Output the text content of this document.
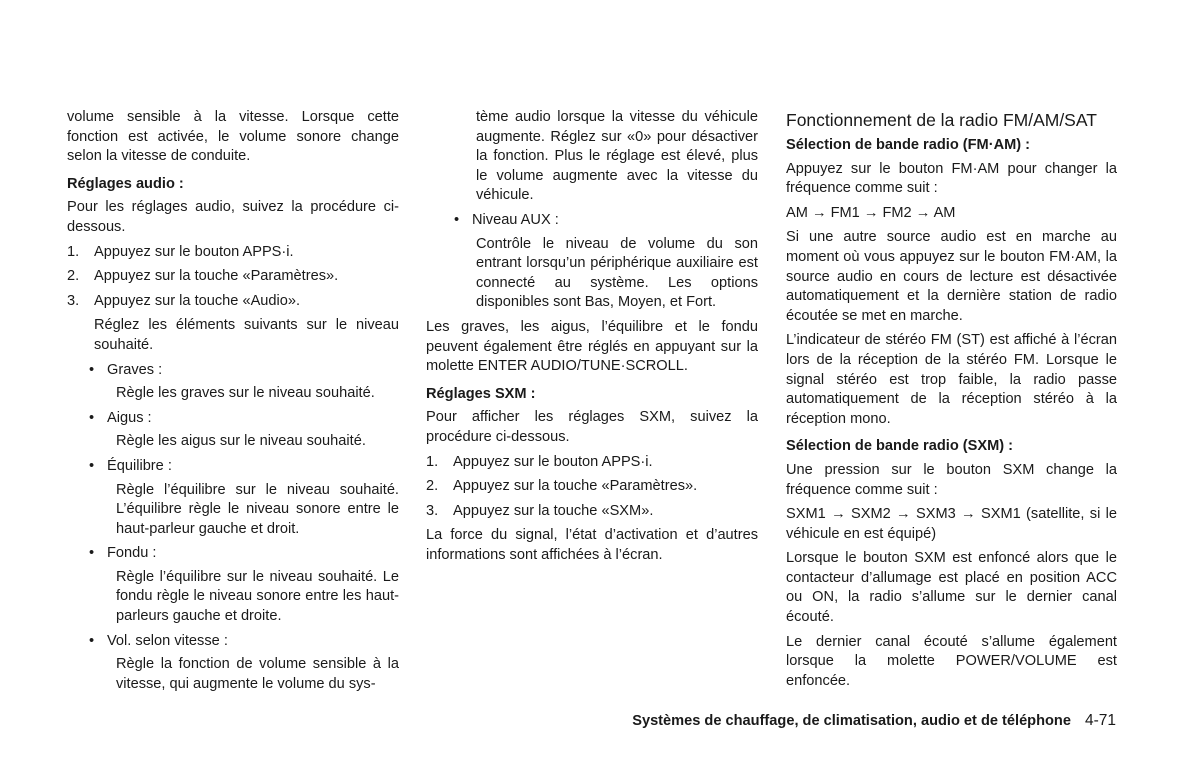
volume sensible à la vitesse. Lorsque cette fonction est activée, le volume sonore change selon la vitesse de conduite.

Réglages audio :

Pour les réglages audio, suivez la procédure ci-dessous.

1.	Appuyez sur le bouton APPS·i.
2.	Appuyez sur la touche «Paramètres».
3.	Appuyez sur la touche «Audio».

Réglez les éléments suivants sur le niveau souhaité.

• Graves :

Règle les graves sur le niveau souhaité.

• Aigus :

Règle les aigus sur le niveau souhaité.

• Équilibre :

Règle l’équilibre sur le niveau souhaité. L’équilibre règle le niveau sonore entre le haut-parleur gauche et droit.

• Fondu :

Règle l’équilibre sur le niveau souhaité. Le fondu règle le niveau sonore entre les haut-parleurs gauche et droite.

• Vol. selon vitesse :

Règle la fonction de volume sensible à la vitesse, qui augmente le volume du sys-

tème audio lorsque la vitesse du véhicule augmente. Réglez sur «0» pour désactiver la fonction. Plus le réglage est élevé, plus le volume augmente avec la vitesse du véhicule.

• Niveau AUX :

Contrôle le niveau de volume du son entrant lorsqu’un périphérique auxiliaire est connecté au système. Les options disponibles sont Bas, Moyen, et Fort.

Les graves, les aigus, l’équilibre et le fondu peuvent également être réglés en appuyant sur la molette ENTER AUDIO/TUNE·SCROLL.

Réglages SXM :

Pour afficher les réglages SXM, suivez la procédure ci-dessous.

1.	Appuyez sur le bouton APPS·i.
2.	Appuyez sur la touche «Paramètres».
3.	Appuyez sur la touche «SXM».

La force du signal, l’état d’activation et d’autres informations sont affichées à l’écran.

Fonctionnement de la radio FM/AM/SAT
Sélection de bande radio (FM·AM) :

Appuyez sur le bouton FM·AM pour changer la fréquence comme suit :

AM → FM1 → FM2 → AM

Si une autre source audio est en marche au moment où vous appuyez sur le bouton FM·AM, la source audio en cours de lecture est désactivée automatiquement et la dernière station de radio écoutée se met en marche.

L’indicateur de stéréo FM (ST) est affiché à l’écran lors de la réception de la stéréo FM. Lorsque le signal stéréo est trop faible, la radio passe automatiquement de la réception stéréo à la réception mono.

Sélection de bande radio (SXM) :

Une pression sur le bouton SXM change la fréquence comme suit :

SXM1 → SXM2 → SXM3 → SXM1 (satellite, si le véhicule en est équipé)

Lorsque le bouton SXM est enfoncé alors que le contacteur d’allumage est placé en position ACC ou ON, la radio s’allume sur le dernier canal écouté.

Le dernier canal écouté s’allume également lorsque la molette POWER/VOLUME est enfoncée.

Systèmes de chauffage, de climatisation, audio et de téléphone 4-71
